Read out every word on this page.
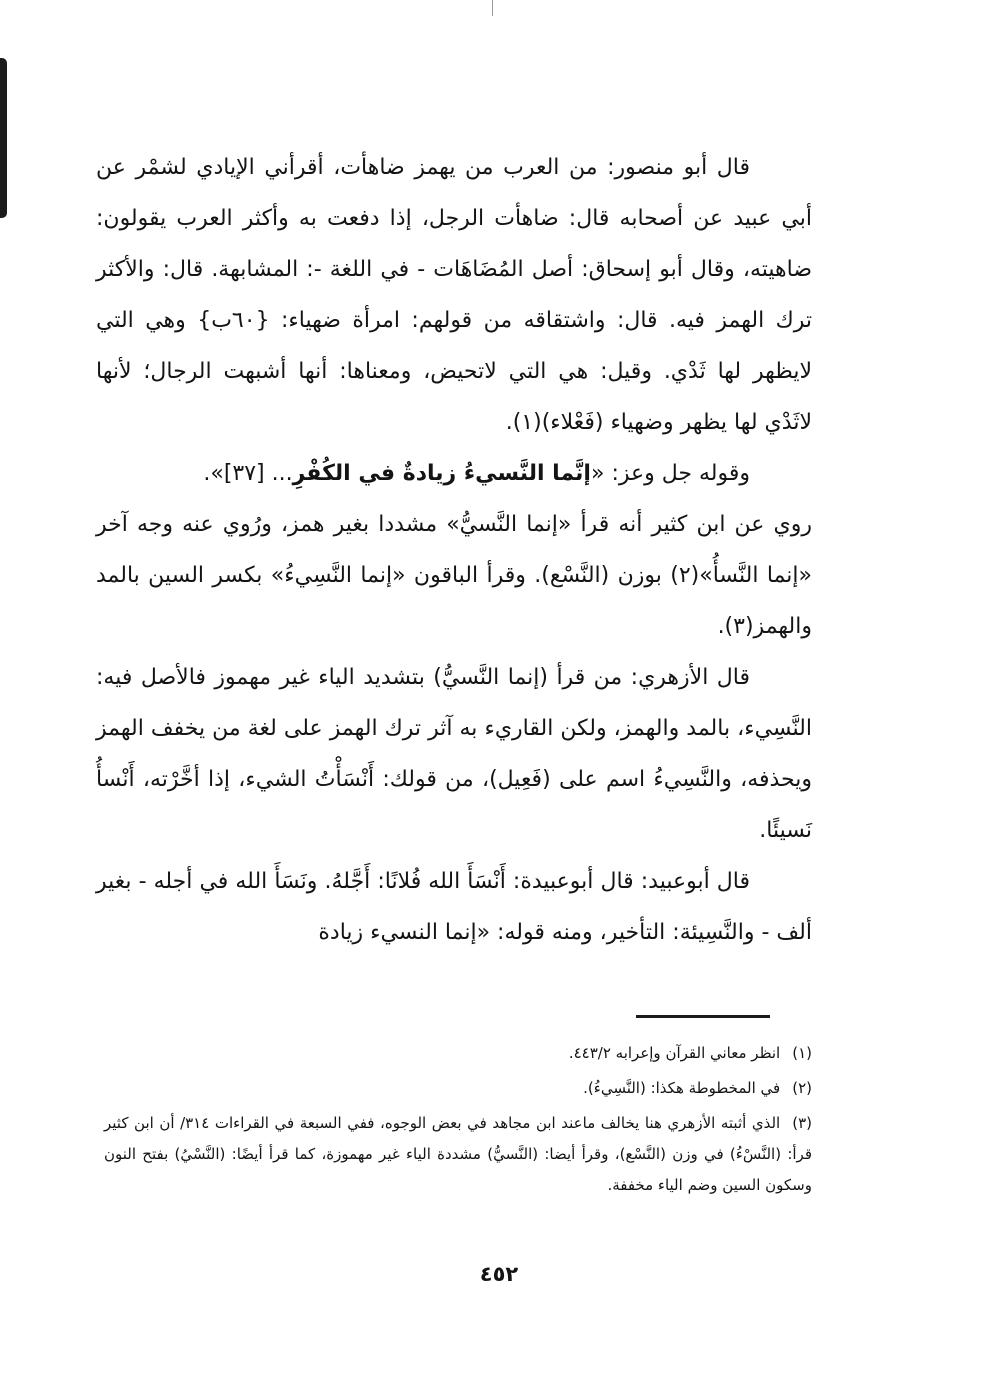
قال أبو منصور: من العرب من يهمز ضاهأت، أقرأني الإيادي لشمْر عن أبي عبيد عن أصحابه قال: ضاهأت الرجل، إذا دفعت به وأكثر العرب يقولون: ضاهيته، وقال أبو إسحاق: أصل المُضَاهَات - في اللغة -: المشابهة. قال: والأكثر ترك الهمز فيه. قال: واشتقاقه من قولهم: امرأة ضهياء: {٦٠ب} وهي التي لايظهر لها ثَدْي. وقيل: هي التي لاتحيض، ومعناها: أنها أشبهت الرجال؛ لأنها لاثَدْي لها يظهر وضهياء (فَعْلاء)(١).

وقوله جل وعز: «إنَّما النَّسيءُ زيادةٌ في الكُفْرِ... [٣٧]».

روي عن ابن كثير أنه قرأ «إنما النَّسيُّ» مشددا بغير همز، ورُوي عنه وجه آخر «إنما النَّسأُ»(٢) بوزن (النَّسْع). وقرأ الباقون «إنما النَّسِيءُ» بكسر السين بالمد والهمز(٣).

قال الأزهري: من قرأ (إنما النَّسيُّ) بتشديد الياء غير مهموز فالأصل فيه: النَّسِيء، بالمد والهمز، ولكن القاريء به آثر ترك الهمز على لغة من يخفف الهمز ويحذفه، والنَّسِيءُ اسم على (فَعِيل)، من قولك: أَنْسَأْتُ الشيء، إذا أخَّرْته، أَنْسأُ نَسيئًا.

قال أبوعبيد: قال أبوعبيدة: أَنْسَأَ الله فُلانًا: أَجَّلهُ. ونَسَأَ الله في أجله - بغير ألف - والنَّسِيئة: التأخير، ومنه قوله: «إنما النسيء زيادة

(١)انظر معاني القرآن وإعرابه ٤٤٣/٢.

(٢)في المخطوطة هكذا: (النَّسِيءُ).

(٣)الذي أثبته الأزهري هنا يخالف ماعند ابن مجاهد في بعض الوجوه، ففي السبعة في القراءات ٣١٤/ أن ابن كثير قرأ: (النَّسْءُ) في وزن (النَّسْع)، وقرأ أيضا: (النَّسيُّ) مشددة الياء غير مهموزة، كما قرأ أيضًا: (النَّسْيُ) بفتح النون وسكون السين وضم الياء مخففة.

٤٥٢
